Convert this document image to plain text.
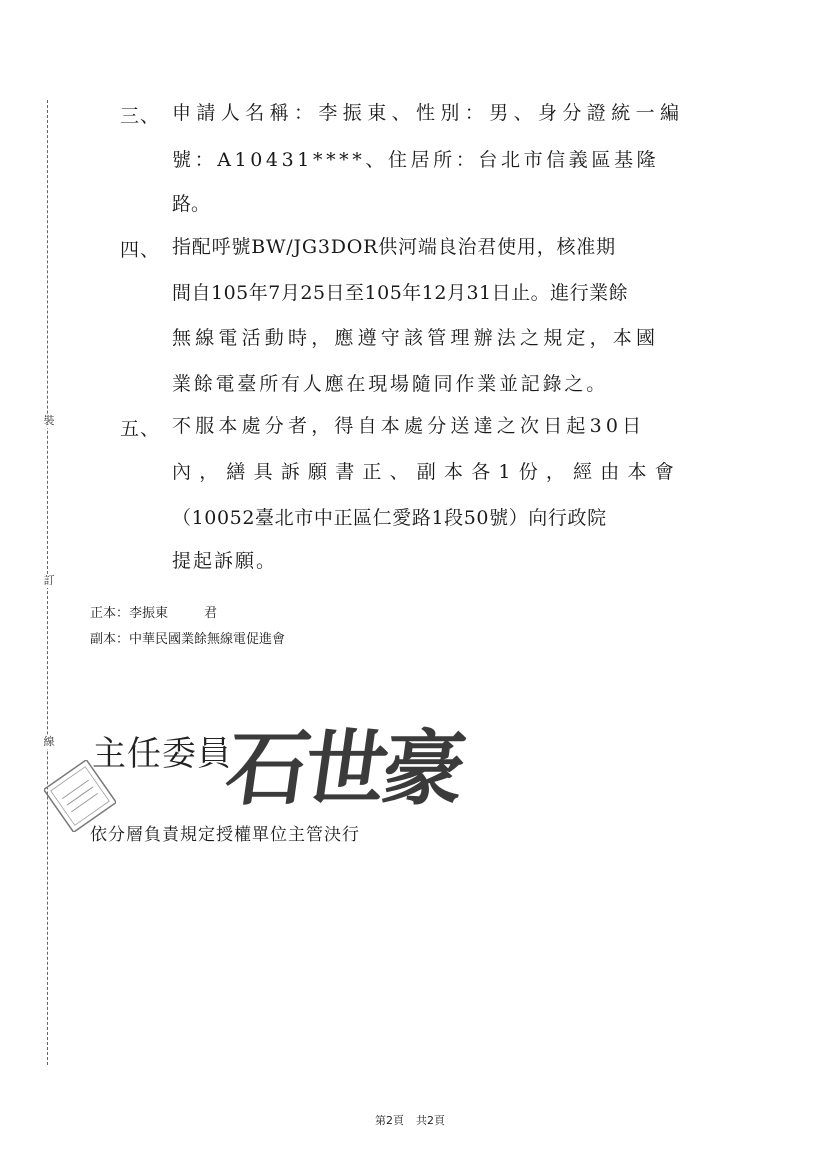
裝
訂
線
三、 申請人名稱：李振東、性別：男、身分證統一編
號：A10431****、住居所：台北市信義區基隆
路。
四、 指配呼號BW/JG3DOR供河端良治君使用，核准期
間自105年7月25日至105年12月31日止。進行業餘
無線電活動時，應遵守該管理辦法之規定，本國
業餘電臺所有人應在現場隨同作業並記錄之。
五、 不服本處分者，得自本處分送達之次日起30日
內，繕具訴願書正、副本各1份，經由本會
（10052臺北市中正區仁愛路1段50號）向行政院
提起訴願。
正本：李振東	君
副本：中華民國業餘無線電促進會
主任委員
石世豪
依分層負責規定授權單位主管決行
第2頁 共2頁
